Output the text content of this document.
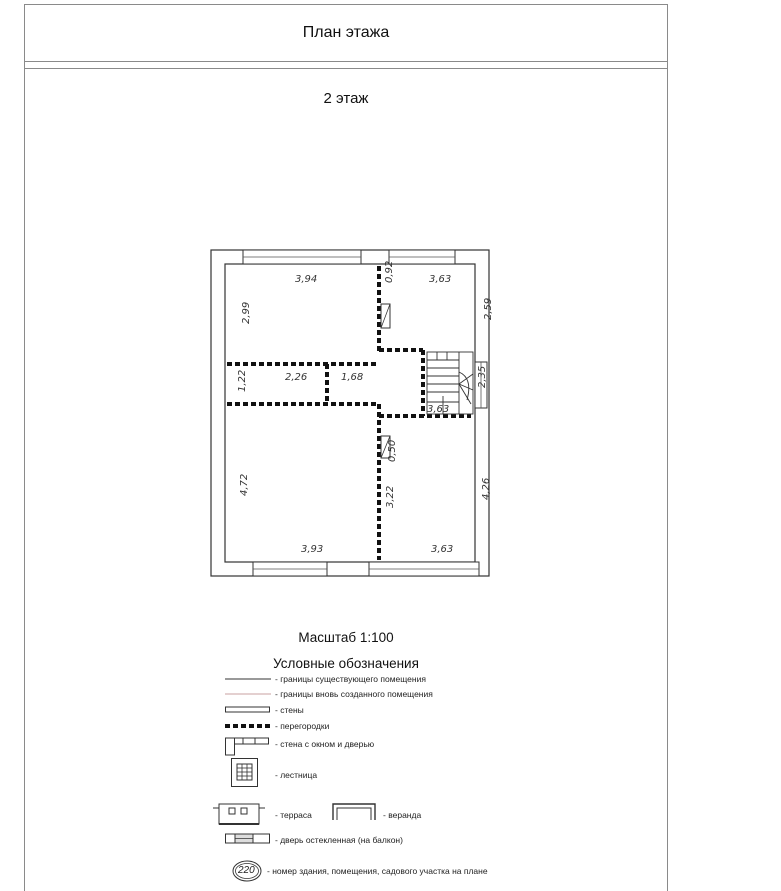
План этажа
2 этаж
3,94	0,92	3,63
2,99	2,59
1,22	2,26	1,68	2,35
3,63
0,50
4,72
3,22	4,26
3,93	3,63
Масштаб 1:100
Условные обозначения
- границы существующего помещения
- границы вновь созданного помещения
- стены
- перегородки
- стена с окном и дверью
- лестница
- терраса	- веранда
- дверь остекленная (на балкон)
220 - номер здания, помещения, садового участка на плане
